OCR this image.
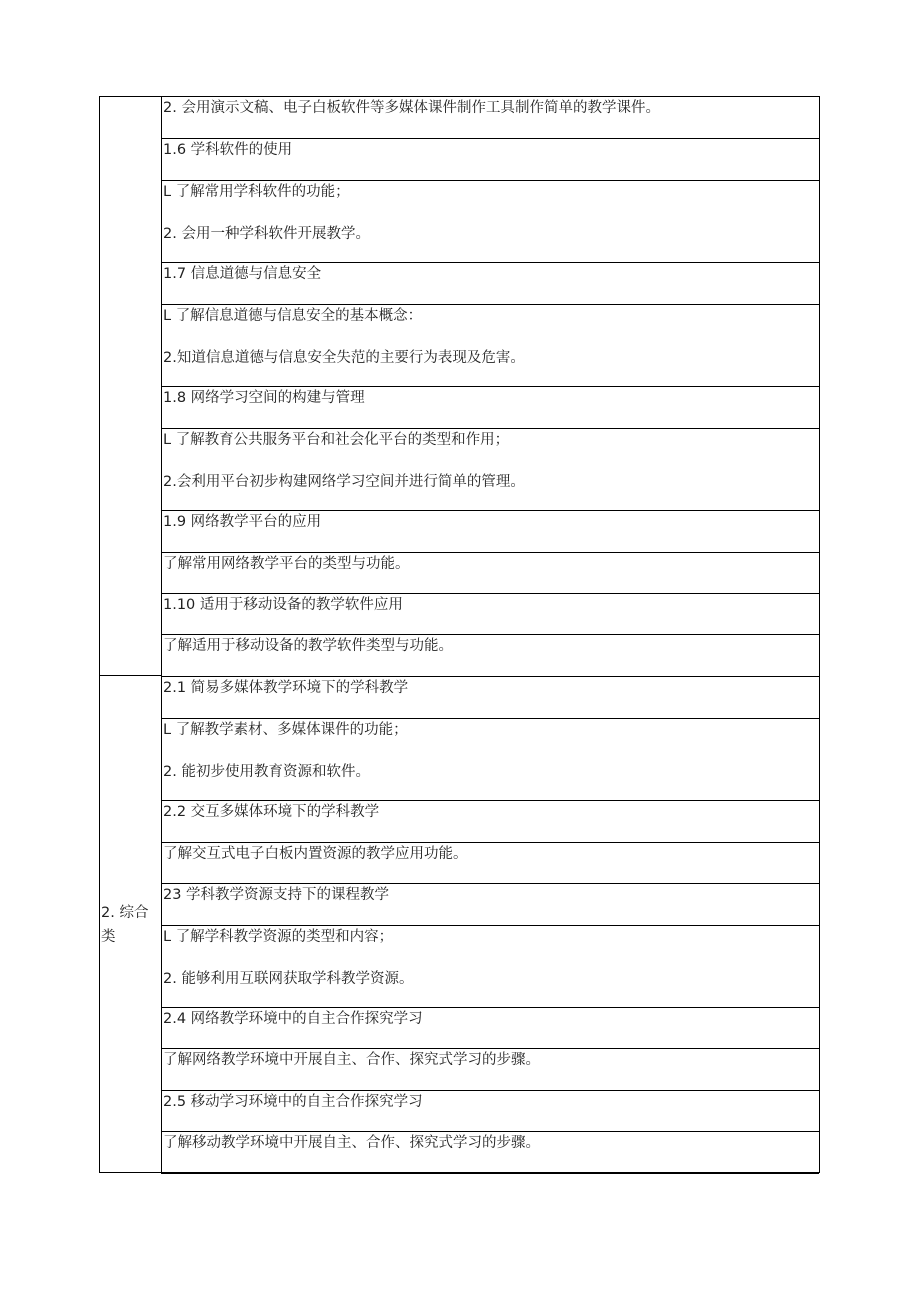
2. 会用演示文稿、电子白板软件等多媒体课件制作工具制作简单的教学课件。
1.6 学科软件的使用
L 了解常用学科软件的功能；
2. 会用一种学科软件开展教学。
1.7 信息道德与信息安全
L 了解信息道德与信息安全的基本概念：
2.知道信息道德与信息安全失范的主要行为表现及危害。
1.8 网络学习空间的构建与管理
L 了解教育公共服务平台和社会化平台的类型和作用；
2.会利用平台初步构建网络学习空间并进行简单的管理。
1.9 网络教学平台的应用
了解常用网络教学平台的类型与功能。
1.10 适用于移动设备的教学软件应用
了解适用于移动设备的教学软件类型与功能。
2.1 简易多媒体教学环境下的学科教学
L 了解教学素材、多媒体课件的功能；
2. 能初步使用教育资源和软件。
2.2 交互多媒体环境下的学科教学
了解交互式电子白板内置资源的教学应用功能。
23 学科教学资源支持下的课程教学
L 了解学科教学资源的类型和内容；
2. 能够利用互联网获取学科教学资源。
2.4 网络教学环境中的自主合作探究学习
了解网络教学环境中开展自主、合作、探究式学习的步骤。
2.5 移动学习环境中的自主合作探究学习
了解移动教学环境中开展自主、合作、探究式学习的步骤。
2. 综合
类
